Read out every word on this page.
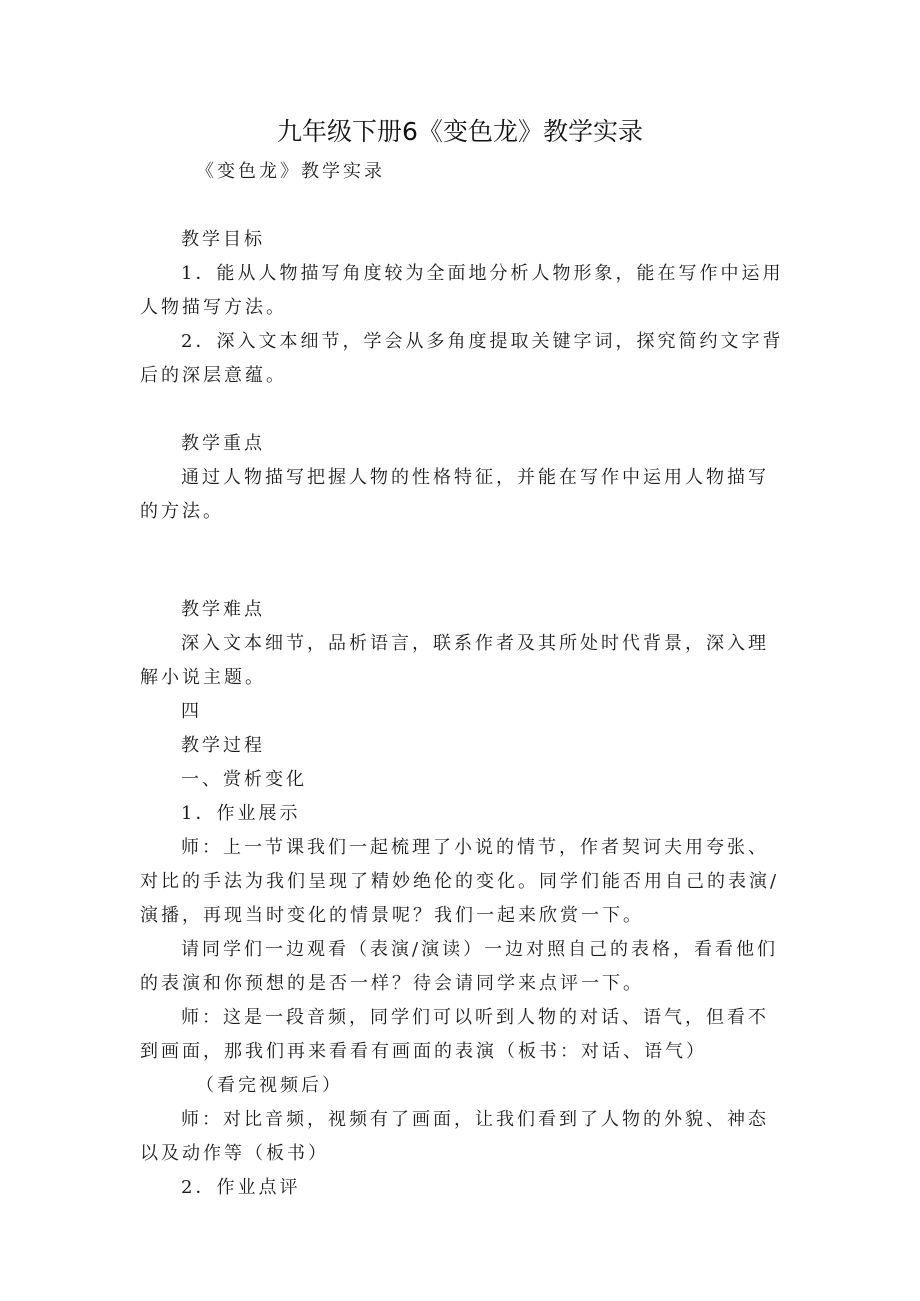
九年级下册6《变色龙》教学实录

《变色龙》教学实录

教学目标

1．能从人物描写角度较为全面地分析人物形象，能在写作中运用人物描写方法。

2．深入文本细节，学会从多角度提取关键字词，探究简约文字背后的深层意蕴。

教学重点

通过人物描写把握人物的性格特征，并能在写作中运用人物描写的方法。

教学难点

深入文本细节，品析语言，联系作者及其所处时代背景，深入理解小说主题。

四

教学过程

一、赏析变化

1．作业展示

师：上一节课我们一起梳理了小说的情节，作者契诃夫用夸张、对比的手法为我们呈现了精妙绝伦的变化。同学们能否用自己的表演/演播，再现当时变化的情景呢？我们一起来欣赏一下。

请同学们一边观看（表演/演读）一边对照自己的表格，看看他们的表演和你预想的是否一样？待会请同学来点评一下。

师：这是一段音频，同学们可以听到人物的对话、语气，但看不到画面，那我们再来看看有画面的表演（板书：对话、语气）

（看完视频后）

师：对比音频，视频有了画面，让我们看到了人物的外貌、神态以及动作等（板书）

2．作业点评
